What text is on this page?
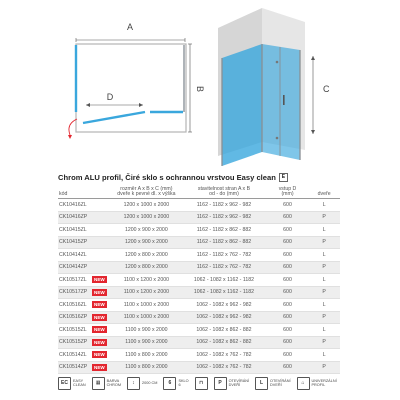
A
B
D
C
Chrom ALU profil, Čiré sklo s ochrannou vrstvou Easy clean	E
kód	rozměr A x B x C (mm)
dveře k pevné dl. x výška	stavitelnost stran A x B
od - do (mm)	vstup D
(mm)	dveře
CK10416ZL	1200 x 1000 x 2000	1162 - 1182 x 962 - 982	600	L
CK10416ZP	1200 x 1000 x 2000	1162 - 1182 x 962 - 982	600	P
CK10415ZL	1200 x 900 x 2000	1162 - 1182 x 862 - 882	600	L
CK10415ZP	1200 x 900 x 2000	1162 - 1182 x 862 - 882	600	P
CK10414ZL	1200 x 800 x 2000	1162 - 1182 x 762 - 782	600	L
CK10414ZP	1200 x 800 x 2000	1162 - 1182 x 762 - 782	600	P
CK10517ZL NEW	1100 x 1200 x 2000	1062 - 1082 x 1162 - 1182	600	L
CK10517ZP NEW	1100 x 1200 x 2000	1062 - 1082 x 1162 - 1182	600	P
CK10516ZL NEW	1100 x 1000 x 2000	1062 - 1082 x 962 - 982	600	L
CK10516ZP NEW	1100 x 1000 x 2000	1062 - 1082 x 962 - 982	600	P
CK10515ZL NEW	1100 x 900 x 2000	1062 - 1082 x 862 - 882	600	L
CK10515ZP NEW	1100 x 900 x 2000	1062 - 1082 x 862 - 882	600	P
CK10514ZL NEW	1100 x 800 x 2000	1062 - 1082 x 762 - 782	600	L
CK10514ZP NEW	1100 x 800 x 2000	1062 - 1082 x 762 - 782	600	P
EC	EASY
CLEAN	▦	BARVA
CHROM	↕	2000 CM	6	SKLO
6	⊓	P	OTEVÍRÁNÍ
DVEŘÍ	L	OTEVÍRÁNÍ
DVEŘÍ	⌂	UNIVERZÁLNÍ
PROFIL
